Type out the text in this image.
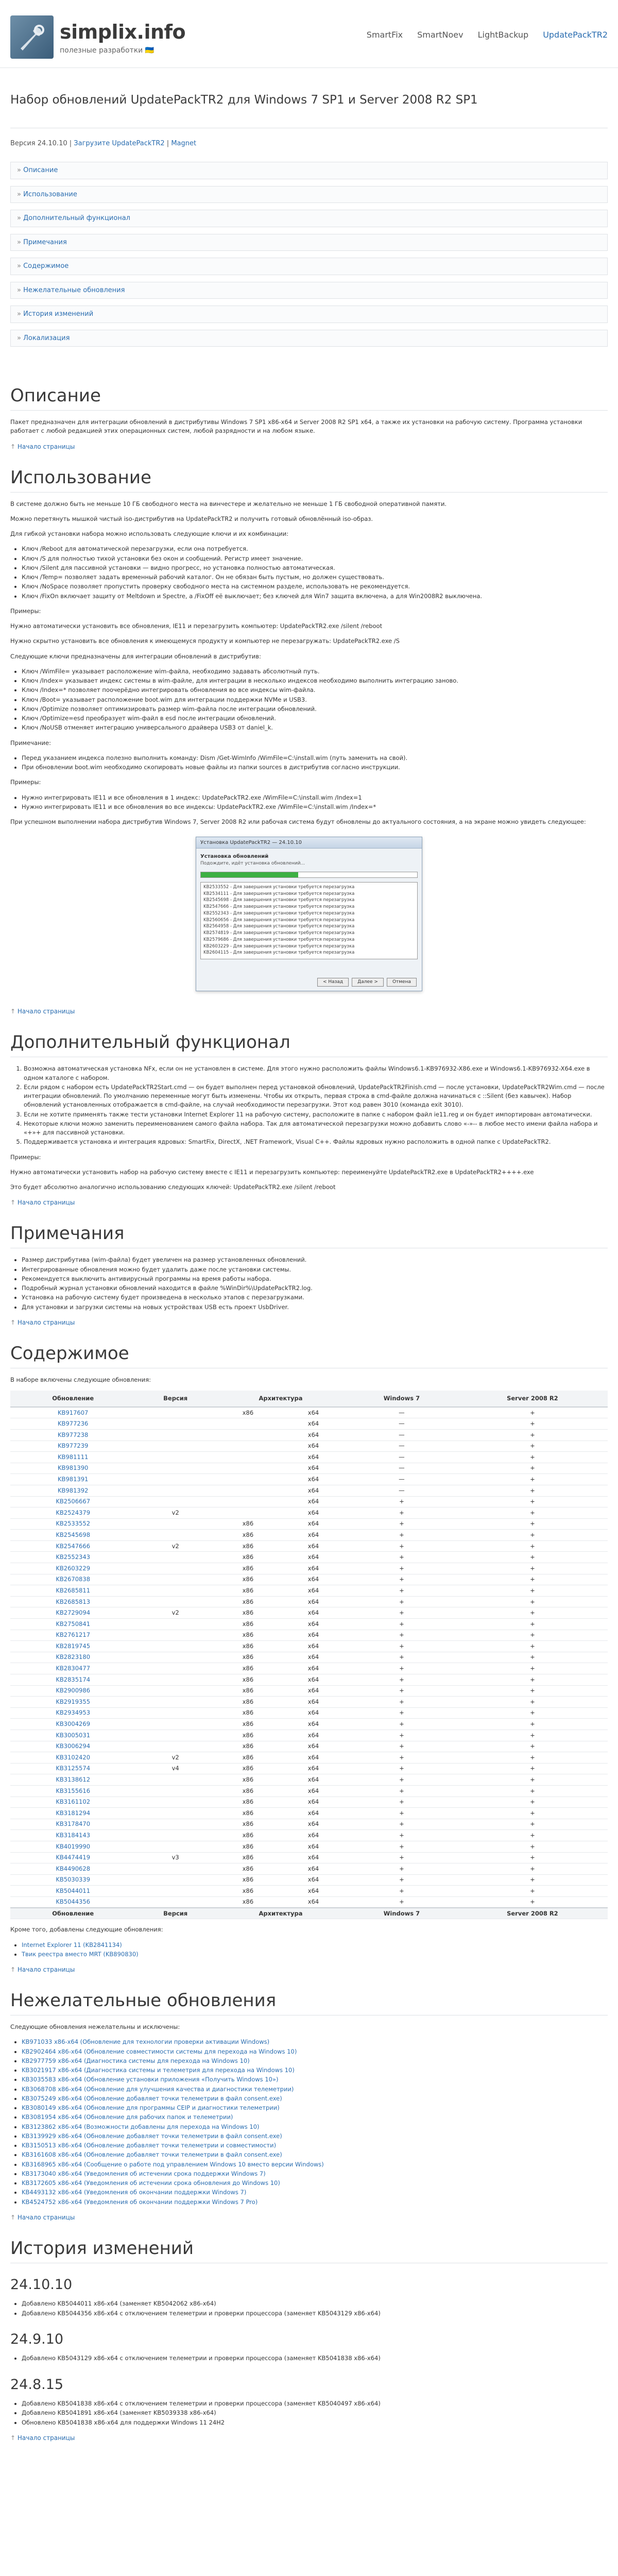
simplix.info
полезные разработки 🇺🇦
SmartFix SmartNoev LightBackup UpdatePackTR2
Набор обновлений UpdatePackTR2 для Windows 7 SP1 и Server 2008 R2 SP1
Версия 24.10.10 | Загрузите UpdatePackTR2 | Magnet
» Описание
» Использование
» Дополнительный функционал
» Примечания
» Содержимое
» Нежелательные обновления
» История изменений
» Локализация
Описание

Пакет предназначен для интеграции обновлений в дистрибутивы Windows 7 SP1 x86-x64 и Server 2008 R2 SP1 x64, а также их установки на рабочую систему. Программа установки работает с любой редакцией этих операционных систем, любой разрядности и на любом языке.

↑ Начало страницы
Использование

В системе должно быть не меньше 10 ГБ свободного места на винчестере и желательно не меньше 1 ГБ свободной оперативной памяти.

Можно перетянуть мышкой чистый iso-дистрибутив на UpdatePackTR2 и получить готовый обновлённый iso-образ.

Для гибкой установки набора можно использовать следующие ключи и их комбинации:

• Ключ /Reboot для автоматической перезагрузки, если она потребуется.
• Ключ /S для полностью тихой установки без окон и сообщений. Регистр имеет значение.
• Ключ /Silent для пассивной установки — видно прогресс, но установка полностью автоматическая.
• Ключ /Temp= позволяет задать временный рабочий каталог. Он не обязан быть пустым, но должен существовать.
• Ключ /NoSpace позволяет пропустить проверку свободного места на системном разделе, использовать не рекомендуется.
• Ключ /FixOn включает защиту от Meltdown и Spectre, а /FixOff её выключает; без ключей для Win7 защита включена, а для Win2008R2 выключена.

Примеры:

Нужно автоматически установить все обновления, IE11 и перезагрузить компьютер: UpdatePackTR2.exe /silent /reboot

Нужно скрытно установить все обновления к имеющемуся продукту и компьютер не перезагружать: UpdatePackTR2.exe /S

Следующие ключи предназначены для интеграции обновлений в дистрибутив:

• Ключ /WimFile= указывает расположение wim-файла, необходимо задавать абсолютный путь.
• Ключ /Index= указывает индекс системы в wim-файле, для интеграции в несколько индексов необходимо выполнить интеграцию заново.
• Ключ /Index=* позволяет поочерёдно интегрировать обновления во все индексы wim-файла.
• Ключ /Boot= указывает расположение boot.wim для интеграции поддержки NVMe и USB3.
• Ключ /Optimize позволяет оптимизировать размер wim-файла после интеграции обновлений.
• Ключ /Optimize=esd преобразует wim-файл в esd после интеграции обновлений.
• Ключ /NoUSB отменяет интеграцию универсального драйвера USB3 от daniel_k.

Примечание:

• Перед указанием индекса полезно выполнить команду: Dism /Get-WimInfo /WimFile=C:\install.wim (путь заменить на свой).
• При обновлении boot.wim необходимо скопировать новые файлы из папки sources в дистрибутив согласно инструкции.

Примеры:

• Нужно интегрировать IE11 и все обновления в 1 индекс: UpdatePackTR2.exe /WimFile=C:\install.wim /Index=1
• Нужно интегрировать IE11 и все обновления во все индексы: UpdatePackTR2.exe /WimFile=C:\install.wim /Index=*

При успешном выполнении набора дистрибутив Windows 7, Server 2008 R2 или рабочая система будут обновлены до актуального состояния, а на экране можно увидеть следующее:

Установка UpdatePackTR2 — 24.10.10
Установка обновлений
Подождите, идёт установка обновлений...
KB2533552 - Для завершения установки требуется перезагрузка
KB2534111 - Для завершения установки требуется перезагрузка
KB2545698 - Для завершения установки требуется перезагрузка
KB2547666 - Для завершения установки требуется перезагрузка
KB2552343 - Для завершения установки требуется перезагрузка
KB2560656 - Для завершения установки требуется перезагрузка
KB2564958 - Для завершения установки требуется перезагрузка
KB2574819 - Для завершения установки требуется перезагрузка
KB2579686 - Для завершения установки требуется перезагрузка
KB2603229 - Для завершения установки требуется перезагрузка
KB2604115 - Для завершения установки требуется перезагрузка
< Назад	Далее >	Отмена
↑ Начало страницы
Дополнительный функционал
1. Возможна автоматическая установка NFx, если он не установлен в системе. Для этого нужно расположить файлы Windows6.1-KB976932-X86.exe и Windows6.1-KB976932-X64.exe в одном каталоге с набором.
2. Если рядом с набором есть UpdatePackTR2Start.cmd — он будет выполнен перед установкой обновлений, UpdatePackTR2Finish.cmd — после установки, UpdatePackTR2Wim.cmd — после интеграции обновлений. По умолчанию переменные могут быть изменены. Чтобы их открыть, первая строка в cmd-файле должна начинаться с ::Silent (без кавычек). Набор обновлений установленных отображается в cmd-файле, на случай необходимости перезагрузки. Этот код равен 3010 (команда exit 3010).
3. Если не хотите применять также тести установки Internet Explorer 11 на рабочую систему, расположите в папке с набором файл ie11.reg и он будет импортирован автоматически.
4. Некоторые ключи можно заменить переименованием самого файла набора. Так для автоматической перезагрузки можно добавить слово «-»-- в любое место имени файла набора и «+»+ для пассивной установки.
5. Поддерживается установка и интеграция ядровых: SmartFix, DirectX, .NET Framework, Visual C++. Файлы ядровых нужно расположить в одной папке с UpdatePackTR2.

Примеры:

Нужно автоматически установить набор на рабочую систему вместе с IE11 и перезагрузить компьютер: переименуйте UpdatePackTR2.exe в UpdatePackTR2++++.exe

Это будет абсолютно аналогично использованию следующих ключей: UpdatePackTR2.exe /silent /reboot

↑ Начало страницы
Примечания
• Размер дистрибутива (wim-файла) будет увеличен на размер установленных обновлений.
• Интегрированные обновления можно будет удалить даже после установки системы.
• Рекомендуется выключить антивирусный программы на время работы набора.
• Подробный журнал установки обновлений находится в файле %WinDir%\UpdatePackTR2.log.
• Установка на рабочую систему будет произведена в несколько этапов с перезагрузками.
• Для установки и загрузки системы на новых устройствах USB есть проект UsbDriver.
↑ Начало страницы
Содержимое

В наборе включены следующие обновления:

Обновление	Версия	Архитектура		Windows 7	Server 2008 R2
KB917607		x86	x64	—	+
KB977236			x64	—	+
KB977238			x64	—	+
KB977239			x64	—	+
KB981111			x64	—	+
KB981390			x64	—	+
KB981391			x64	—	+
KB981392			x64	—	+
KB2506667			x64	+	+
KB2524379	v2		x64	+	+
KB2533552		x86	x64	+	+
KB2545698		x86	x64	+	+
KB2547666	v2	x86	x64	+	+
KB2552343		x86	x64	+	+
KB2603229		x86	x64	+	+
KB2670838		x86	x64	+	+
KB2685811		x86	x64	+	+
KB2685813		x86	x64	+	+
KB2729094	v2	x86	x64	+	+
KB2750841		x86	x64	+	+
KB2761217		x86	x64	+	+
KB2819745		x86	x64	+	+
KB2823180		x86	x64	+	+
KB2830477		x86	x64	+	+
KB2835174		x86	x64	+	+
KB2900986		x86	x64	+	+
KB2919355		x86	x64	+	+
KB2934953		x86	x64	+	+
KB3004269		x86	x64	+	+
KB3005031		x86	x64	+	+
KB3006294		x86	x64	+	+
KB3102420	v2	x86	x64	+	+
KB3125574	v4	x86	x64	+	+
KB3138612		x86	x64	+	+
KB3155616		x86	x64	+	+
KB3161102		x86	x64	+	+
KB3181294		x86	x64	+	+
KB3178470		x86	x64	+	+
KB3184143		x86	x64	+	+
KB4019990		x86	x64	+	+
KB4474419	v3	x86	x64	+	+
KB4490628		x86	x64	+	+
KB5030339		x86	x64	+	+
KB5044011		x86	x64	+	+
KB5044356		x86	x64	+	+
Обновление	Версия	Архитектура		Windows 7	Server 2008 R2

Кроме того, добавлены следующие обновления:

• Internet Explorer 11 (KB2841134)
• Твик реестра вместо MRT (KB890830)
↑ Начало страницы
Нежелательные обновления

Следующие обновления нежелательны и исключены:

• KB971033 x86-x64 (Обновление для технологии проверки активации Windows)
• KB2902464 x86-x64 (Обновление совместимости системы для перехода на Windows 10)
• KB2977759 x86-x64 (Диагностика системы для перехода на Windows 10)
• KB3021917 x86-x64 (Диагностика системы и телеметрия для перехода на Windows 10)
• KB3035583 x86-x64 (Обновление установки приложения «Получить Windows 10»)
• KB3068708 x86-x64 (Обновление для улучшения качества и диагностики телеметрии)
• KB3075249 x86-x64 (Обновление добавляет точки телеметрии в файл consent.exe)
• KB3080149 x86-x64 (Обновление для программы CEIP и диагностики телеметрии)
• KB3081954 x86-x64 (Обновление для рабочих папок и телеметрии)
• KB3123862 x86-x64 (Возможности добавлены для перехода на Windows 10)
• KB3139929 x86-x64 (Обновление добавляет точки телеметрии в файл consent.exe)
• KB3150513 x86-x64 (Обновление добавляет точки телеметрии и совместимости)
• KB3161608 x86-x64 (Обновление добавляет точки телеметрии в файл consent.exe)
• KB3168965 x86-x64 (Сообщение о работе под управлением Windows 10 вместо версии Windows)
• KB3173040 x86-x64 (Уведомления об истечении срока поддержки Windows 7)
• KB3172605 x86-x64 (Уведомления об истечении срока обновления до Windows 10)
• KB4493132 x86-x64 (Уведомления об окончании поддержки Windows 7)
• KB4524752 x86-x64 (Уведомления об окончании поддержки Windows 7 Pro)
↑ Начало страницы
История изменений
24.10.10
• Добавлено KB5044011 x86-x64 (заменяет KB5042062 x86-x64)
• Добавлено KB5044356 x86-x64 с отключением телеметрии и проверки процессора (заменяет KB5043129 x86-x64)
24.9.10
• Добавлено KB5043129 x86-x64 с отключением телеметрии и проверки процессора (заменяет KB5041838 x86-x64)
24.8.15
• Добавлено KB5041838 x86-x64 с отключением телеметрии и проверки процессора (заменяет KB5040497 x86-x64)
• Добавлено KB5041891 x86-x64 (заменяет KB5039338 x86-x64)
• Обновлено KB5041838 x86-x64 для поддержки Windows 11 24H2
↑ Начало страницы
